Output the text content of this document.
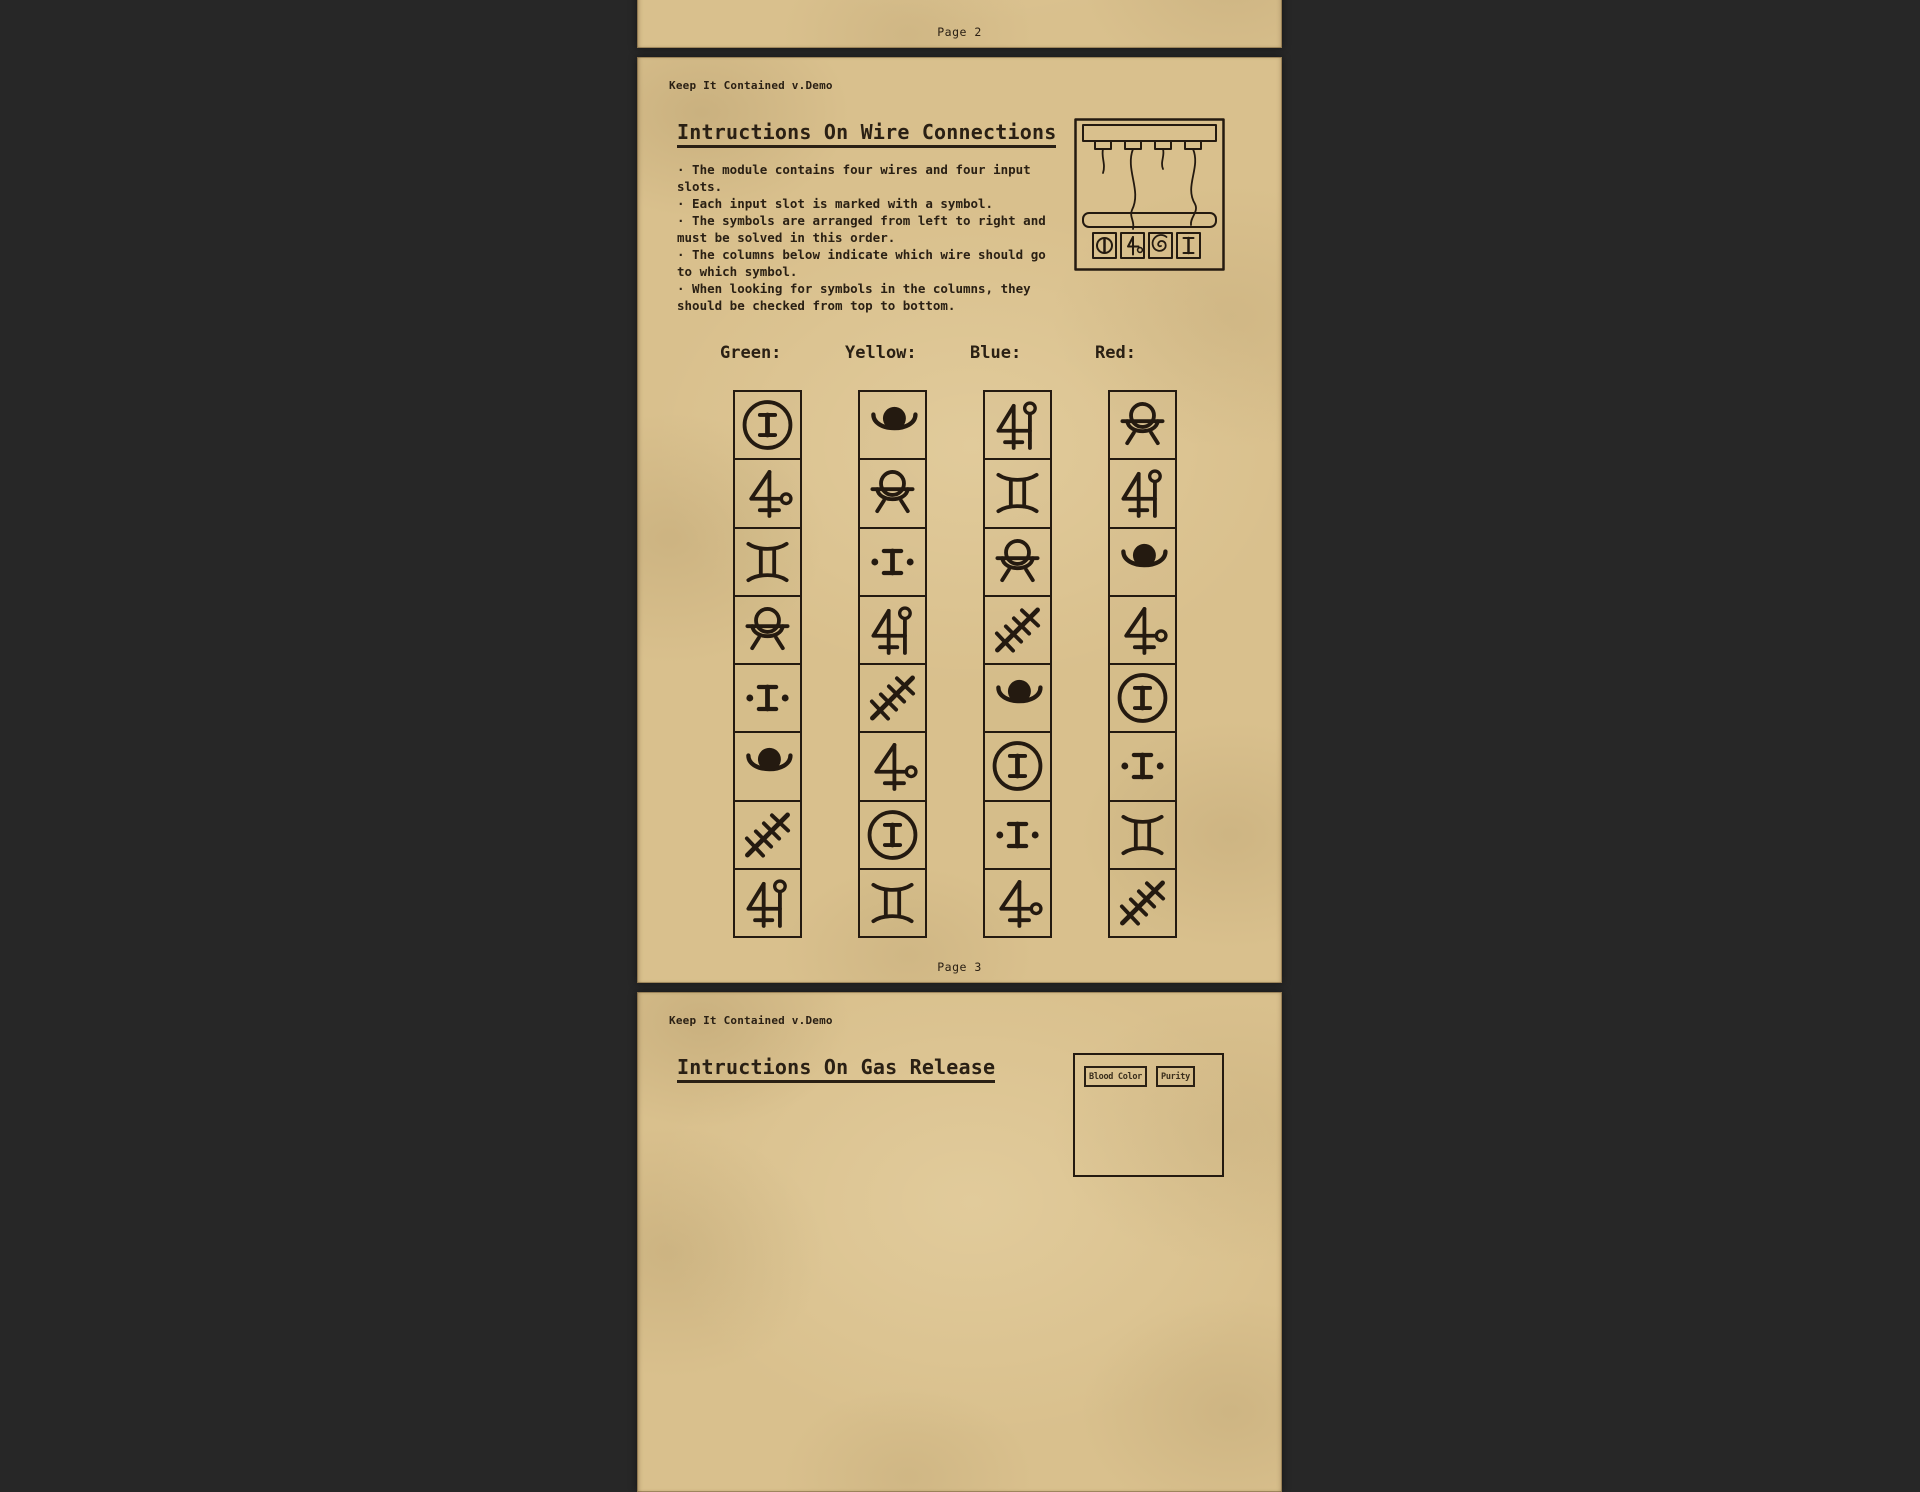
Page 2
Keep It Contained v.Demo
Intructions On Wire Connections
· The module contains four wires and four input slots.
· Each input slot is marked with a symbol.
· The symbols are arranged from left to right and must be solved in this order.
· The columns below indicate which wire should go to which symbol.
· When looking for symbols in the columns, they should be checked from top to bottom.
Green:	Yellow:	Blue:	Red:
Page 3
Keep It Contained v.Demo
Intructions On Gas Release	Blood Color	Purity
